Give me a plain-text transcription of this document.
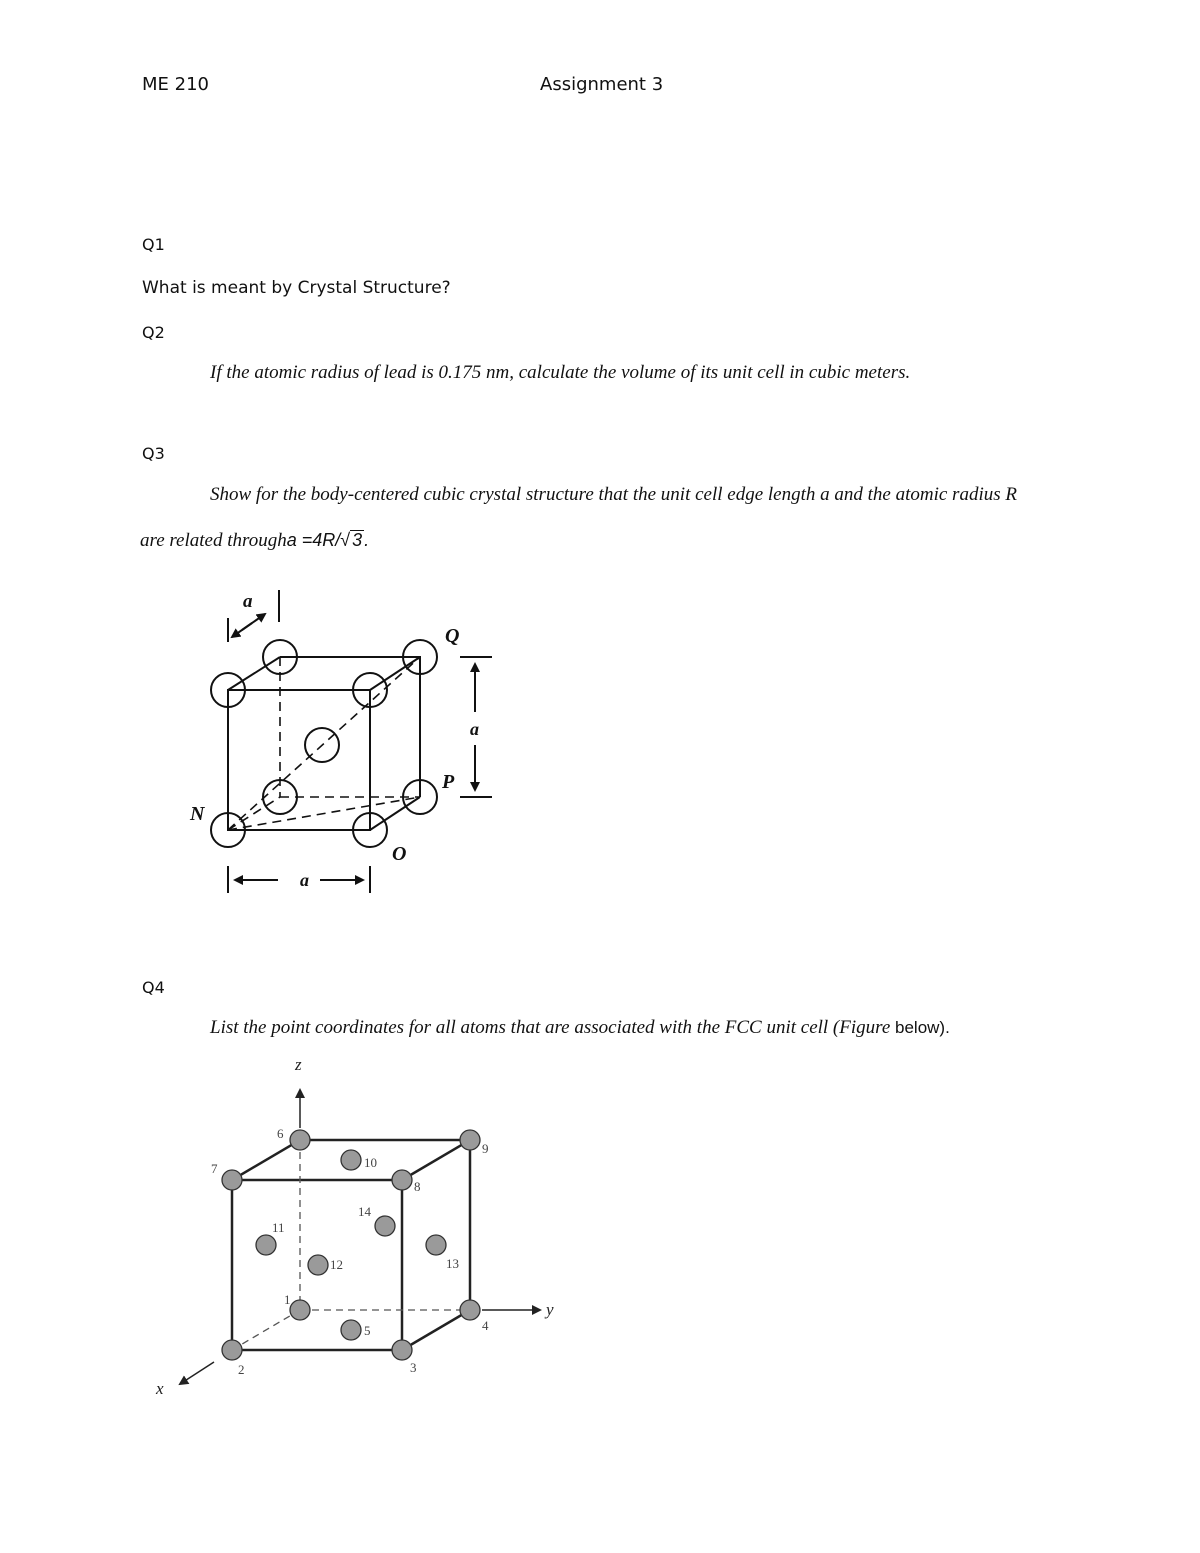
ME 210	Assignment 3
Q1
What is meant by Crystal Structure?
Q2
If the atomic radius of lead is 0.175 nm, calculate the volume of its unit cell in cubic meters.
Q3
Show for the body-centered cubic crystal structure that the unit cell edge length a and the atomic radius R
are related througha =4R/√ 3 .
a
a
a
Q
P
N
O
Q4
List the point coordinates for all atoms that are associated with the FCC unit cell (Figure below).
z
y
x
1
2	3
4
5
6
7
8
9
10
11
12	13
14
